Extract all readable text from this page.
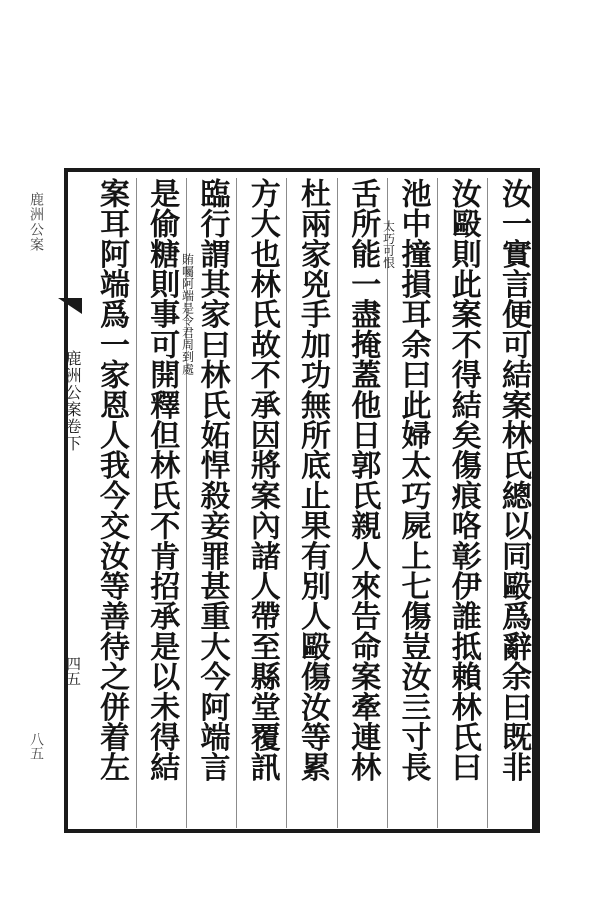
鹿洲公案
八五
鹿洲公案卷下
四五	汝一實言便可結案林氏總以同毆爲辭余曰既非
汝毆則此案不得結矣傷痕咯彰伊誰抵賴林氏曰
池中撞損耳余曰此婦太巧屍上七傷豈汝亖寸長
太巧可恨
舌所能一盡掩蓋他日郭氏親人來告命案牽連林
杜兩家兇手加功無所底止果有別人毆傷汝等累
方大也林氏故不承因將案內諸人帶至縣堂覆訊
臨行謂其家曰林氏妬悍殺妾罪甚重大今阿端言
賄囑阿端是令君周到處
是偷糖則事可開釋但林氏不肯招承是以未得結
案耳阿端爲一家恩人我今交汝等善待之併着左
